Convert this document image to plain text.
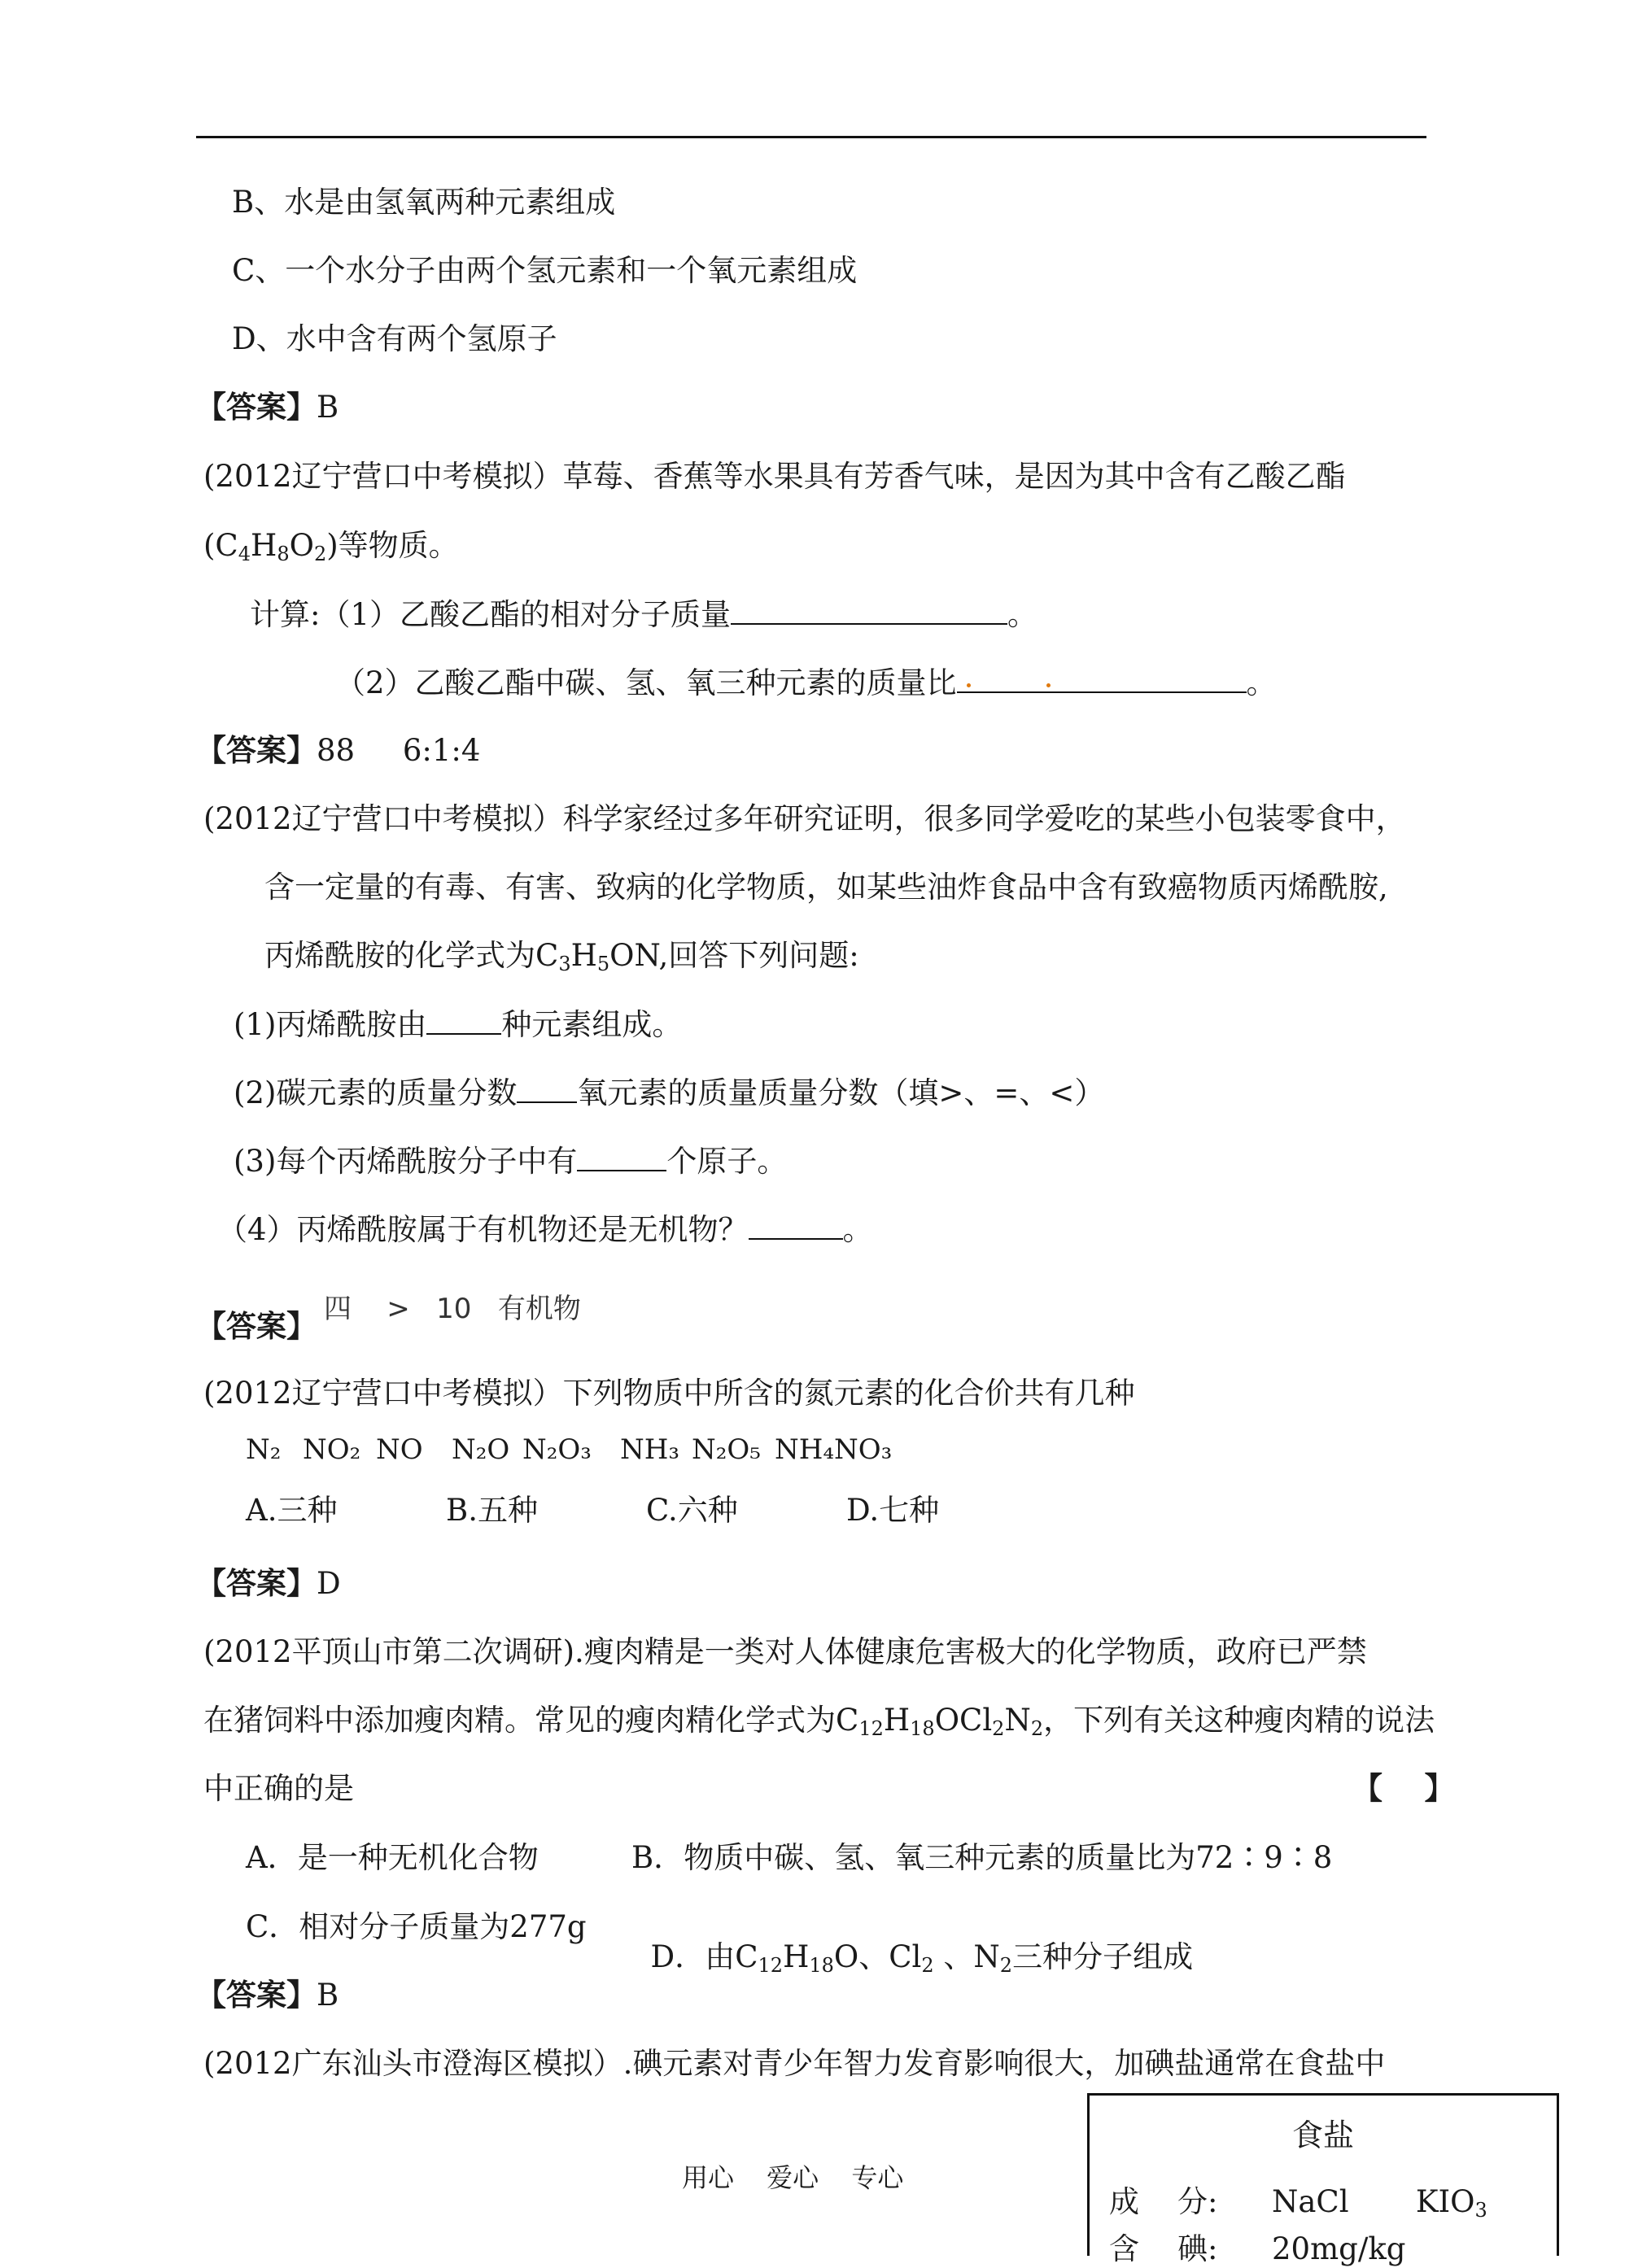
B、水是由氢氧两种元素组成
C、一个水分子由两个氢元素和一个氧元素组成
D、水中含有两个氢原子
【答案】B
(2012辽宁营口中考模拟）草莓、香蕉等水果具有芳香气味，是因为其中含有乙酸乙酯
$(C_4H_8O_2)$等物质。
计算:（1）乙酸乙酯的相对分子质量	。
（2）乙酸乙酯中碳、氢、氧三种元素的质量比	。
【答案】88     6:1:4
(2012辽宁营口中考模拟）科学家经过多年研究证明，很多同学爱吃的某些小包装零食中，
含一定量的有毒、有害、致病的化学物质，如某些油炸食品中含有致癌物质丙烯酰胺,
丙烯酰胺的化学式为$C_3H_5ON$,回答下列问题:
(1)丙烯酰胺由 种元素组成。
(2)碳元素的质量分数 氧元素的质量质量分数（填>、=、<）
(3)每个丙烯酰胺分子中有	个原子。
（4）丙烯酰胺属于有机物还是无机物？	。
【答案】 四    >   10   有机物
(2012辽宁营口中考模拟）下列物质中所含的氮元素的化合价共有几种
N₂ NO₂ NO N₂O N₂O₃ NH₃ N₂O₅ NH₄NO₃
A.三种	B.五种	C.六种	D.七种
【答案】D
(2012平顶山市第二次调研).瘦肉精是一类对人体健康危害极大的化学物质，政府已严禁
在猪饲料中添加瘦肉精。常见的瘦肉精化学式为$C_{12}H_{18}OCl_2N_2$，下列有关这种瘦肉精的说法
中正确的是	【    】
A．是一种无机化合物	B．物质中碳、氢、氧三种元素的质量比为72∶9∶8
C．相对分子质量为277g

D．由$C_{12}H_{18}O$、$Cl_2$ 、$N_2$三种分子组成

【答案】B
(2012广东汕头市澄海区模拟）.碘元素对青少年智力发育影响很大，加碘盐通常在食盐中
食盐
成    分: NaCl       $KIO_3$
含    碘: 20mg/kg
用心 爱心 专心
